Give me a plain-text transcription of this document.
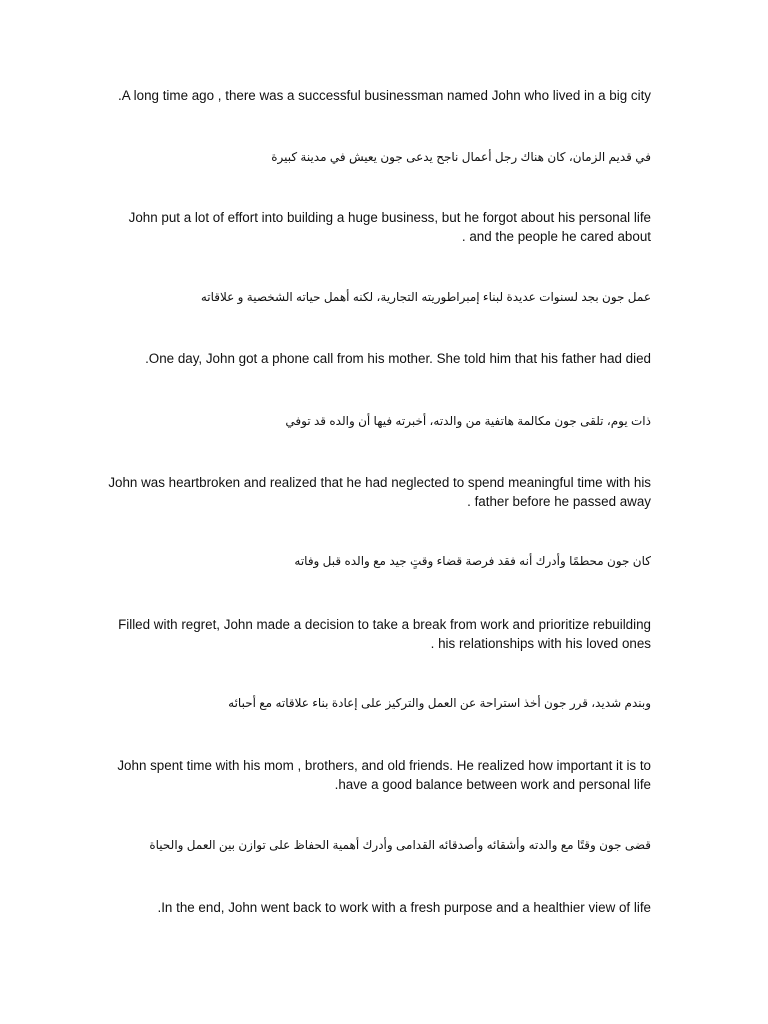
.A long time ago , there was a successful businessman named John who lived in a big city

في قديم الزمان، كان هناك رجل أعمال ناجح يدعى جون يعيش في مدينة كبيرة

John put a lot of effort into building a huge business, but he forgot about his personal life
. and the people he cared about

عمل جون بجد لسنوات عديدة لبناء إمبراطوريته التجارية، لكنه أهمل حياته الشخصية و علاقاته

.One day, John got a phone call from his mother. She told him that his father had died

ذات يوم، تلقى جون مكالمة هاتفية من والدته، أخبرته فيها أن والده قد توفي

John was heartbroken and realized that he had neglected to spend meaningful time with his
. father before he passed away

كان جون محطمًا وأدرك أنه فقد فرصة قضاء وقتٍ جيد مع والده قبل وفاته

Filled with regret, John made a decision to take a break from work and prioritize rebuilding
. his relationships with his loved ones

وبندم شديد، قرر جون أخذ استراحة عن العمل والتركيز على إعادة بناء علاقاته مع أحبائه

John spent time with his mom , brothers, and old friends. He realized how important it is to
.have a good balance between work and personal life

قضى جون وقتًا مع والدته وأشقائه وأصدقائه القدامى وأدرك أهمية الحفاظ على توازن بين العمل والحياة

.In the end, John went back to work with a fresh purpose and a healthier view of life
